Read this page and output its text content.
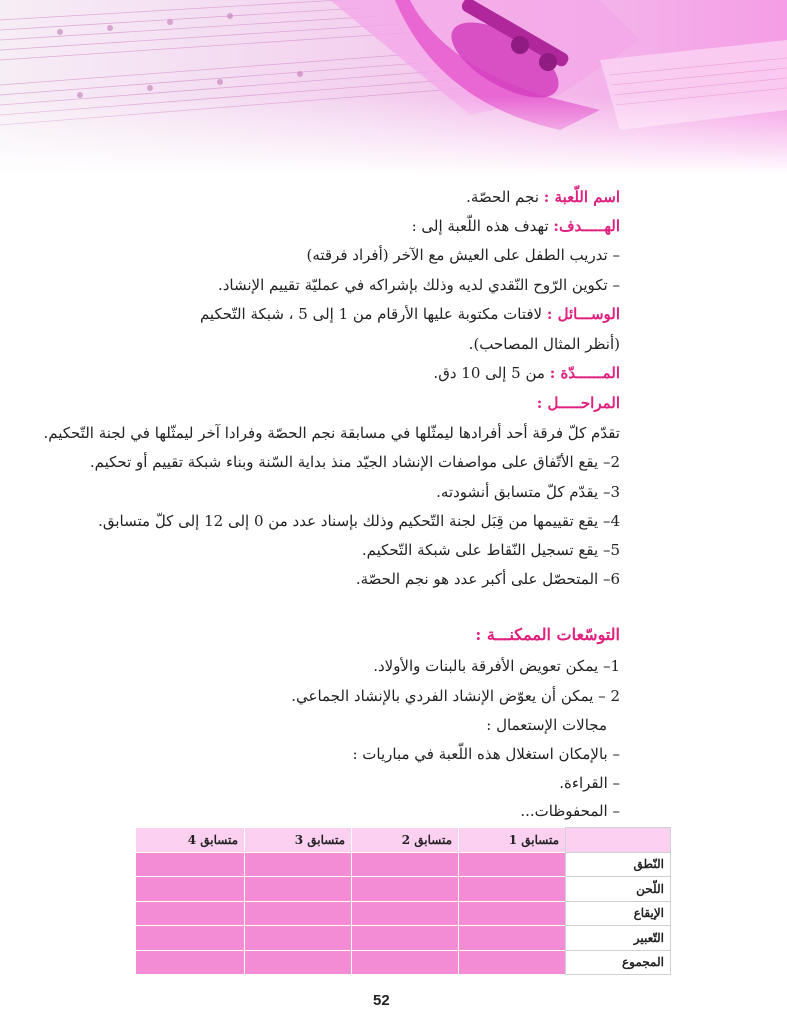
اسم اللّعبة : نجم الحصّة.
الهـــــدف: تهدف هذه اللّعبة إلى :
– تدريب الطفل على العيش مع الآخر (أفراد فرقته)
– تكوين الرّوح النّقدي لديه وذلك بإشراكه في عمليّة تقييم الإنشاد.
الوســـائل : لافتات مكتوبة عليها الأرقام من 1 إلى 5 ، شبكة التّحكيم
(أنظر المثال المصاحب).
المــــــدّة : من 5 إلى 10 دق.
المراحـــــل :
تقدّم كلّ فرقة أحد أفرادها ليمثّلها في مسابقة نجم الحصّة وفرادا آخر ليمثّلها في لجنة التّحكيم.
2– يقع الأتّفاق على مواصفات الإنشاد الجيّد منذ بداية السّنة وبناء شبكة تقييم أو تحكيم.
3– يقدّم كلّ متسابق أنشودته.
4– يقع تقييمها من قِبَل لجنة التّحكيم وذلك بإسناد عدد من 0 إلى 12 إلى كلّ متسابق.
5– يقع تسجيل النّقاط على شبكة التّحكيم.
6– المتحصّل على أكبر عدد هو نجم الحصّة.
التوسّعات الممكنـــة :
1– يمكن تعويض الأفرقة بالبنات والأولاد.
2 – يمكن أن يعوّض الإنشاد الفردي بالإنشاد الجماعي.
مجالات الإستعمال :
– بالإمكان استغلال هذه اللّعبة في مباريات :
– القراءة.
– المحفوظات...
	متسابق 1	متسابق 2	متسابق 3	متسابق 4
النّطق				
اللّحن				
الإيقاع				
التّعبير				
المجموع				
52
